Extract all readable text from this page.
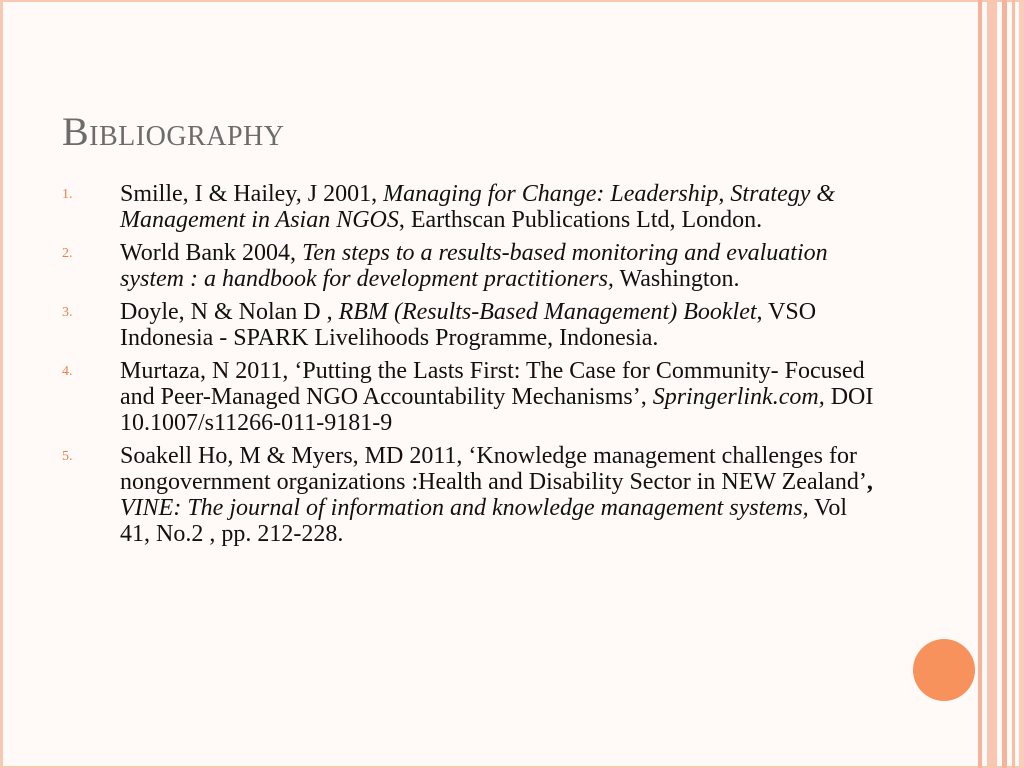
Bibliography
1. Smille, I & Hailey, J 2001, Managing for Change: Leadership, Strategy & Management in Asian NGOS, Earthscan Publications Ltd, London.
2. World Bank 2004, Ten steps to a results-based monitoring and evaluation system : a handbook for development practitioners, Washington.
3. Doyle, N & Nolan D , RBM (Results-Based Management) Booklet, VSO Indonesia - SPARK Livelihoods Programme, Indonesia.
4. Murtaza, N 2011, ‘Putting the Lasts First: The Case for Community- Focused and Peer-Managed NGO Accountability Mechanisms’, Springerlink.com, DOI 10.1007/s11266-011-9181-9
5. Soakell Ho, M & Myers, MD 2011, ‘Knowledge management challenges for nongovernment organizations :Health and Disability Sector in NEW Zealand’, VINE: The journal of information and knowledge management systems, Vol 41, No.2 , pp. 212-228.
